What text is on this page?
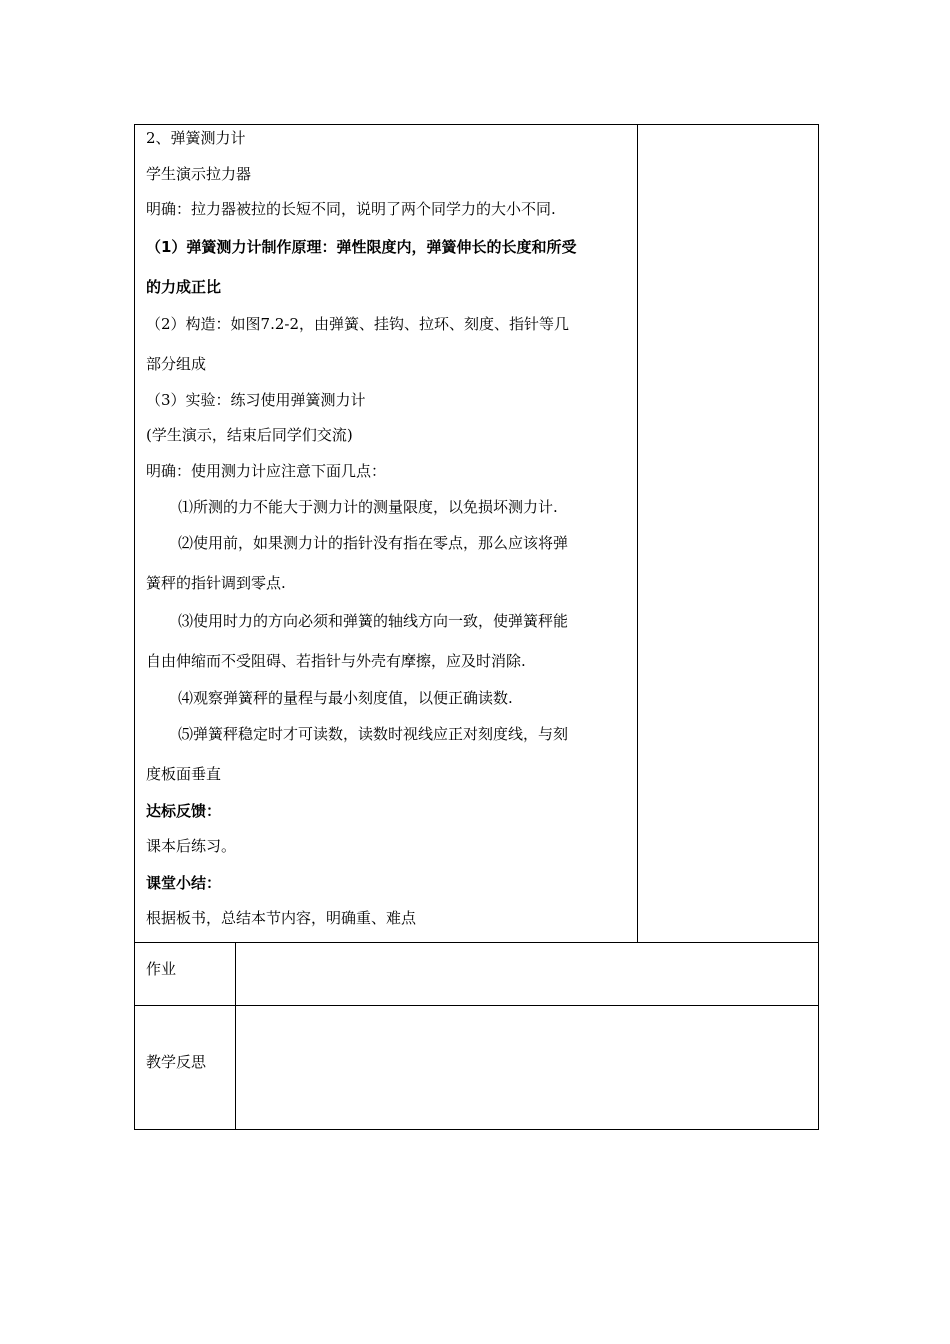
2、弹簧测力计
学生演示拉力器
明确：拉力器被拉的长短不同，说明了两个同学力的大小不同.
（1）弹簧测力计制作原理：弹性限度内，弹簧伸长的长度和所受
的力成正比
（2）构造：如图7.2-2，由弹簧、挂钩、拉环、刻度、指针等几
部分组成
（3）实验：练习使用弹簧测力计
(学生演示，结束后同学们交流)
明确：使用测力计应注意下面几点：
⑴所测的力不能大于测力计的测量限度，以免损坏测力计.
⑵使用前，如果测力计的指针没有指在零点，那么应该将弹
簧秤的指针调到零点.
⑶使用时力的方向必须和弹簧的轴线方向一致，使弹簧秤能
自由伸缩而不受阻碍、若指针与外壳有摩擦，应及时消除.
⑷观察弹簧秤的量程与最小刻度值，以便正确读数.
⑸弹簧秤稳定时才可读数，读数时视线应正对刻度线，与刻
度板面垂直
达标反馈：
课本后练习。
课堂小结：
根据板书，总结本节内容，明确重、难点
作业
教学反思
